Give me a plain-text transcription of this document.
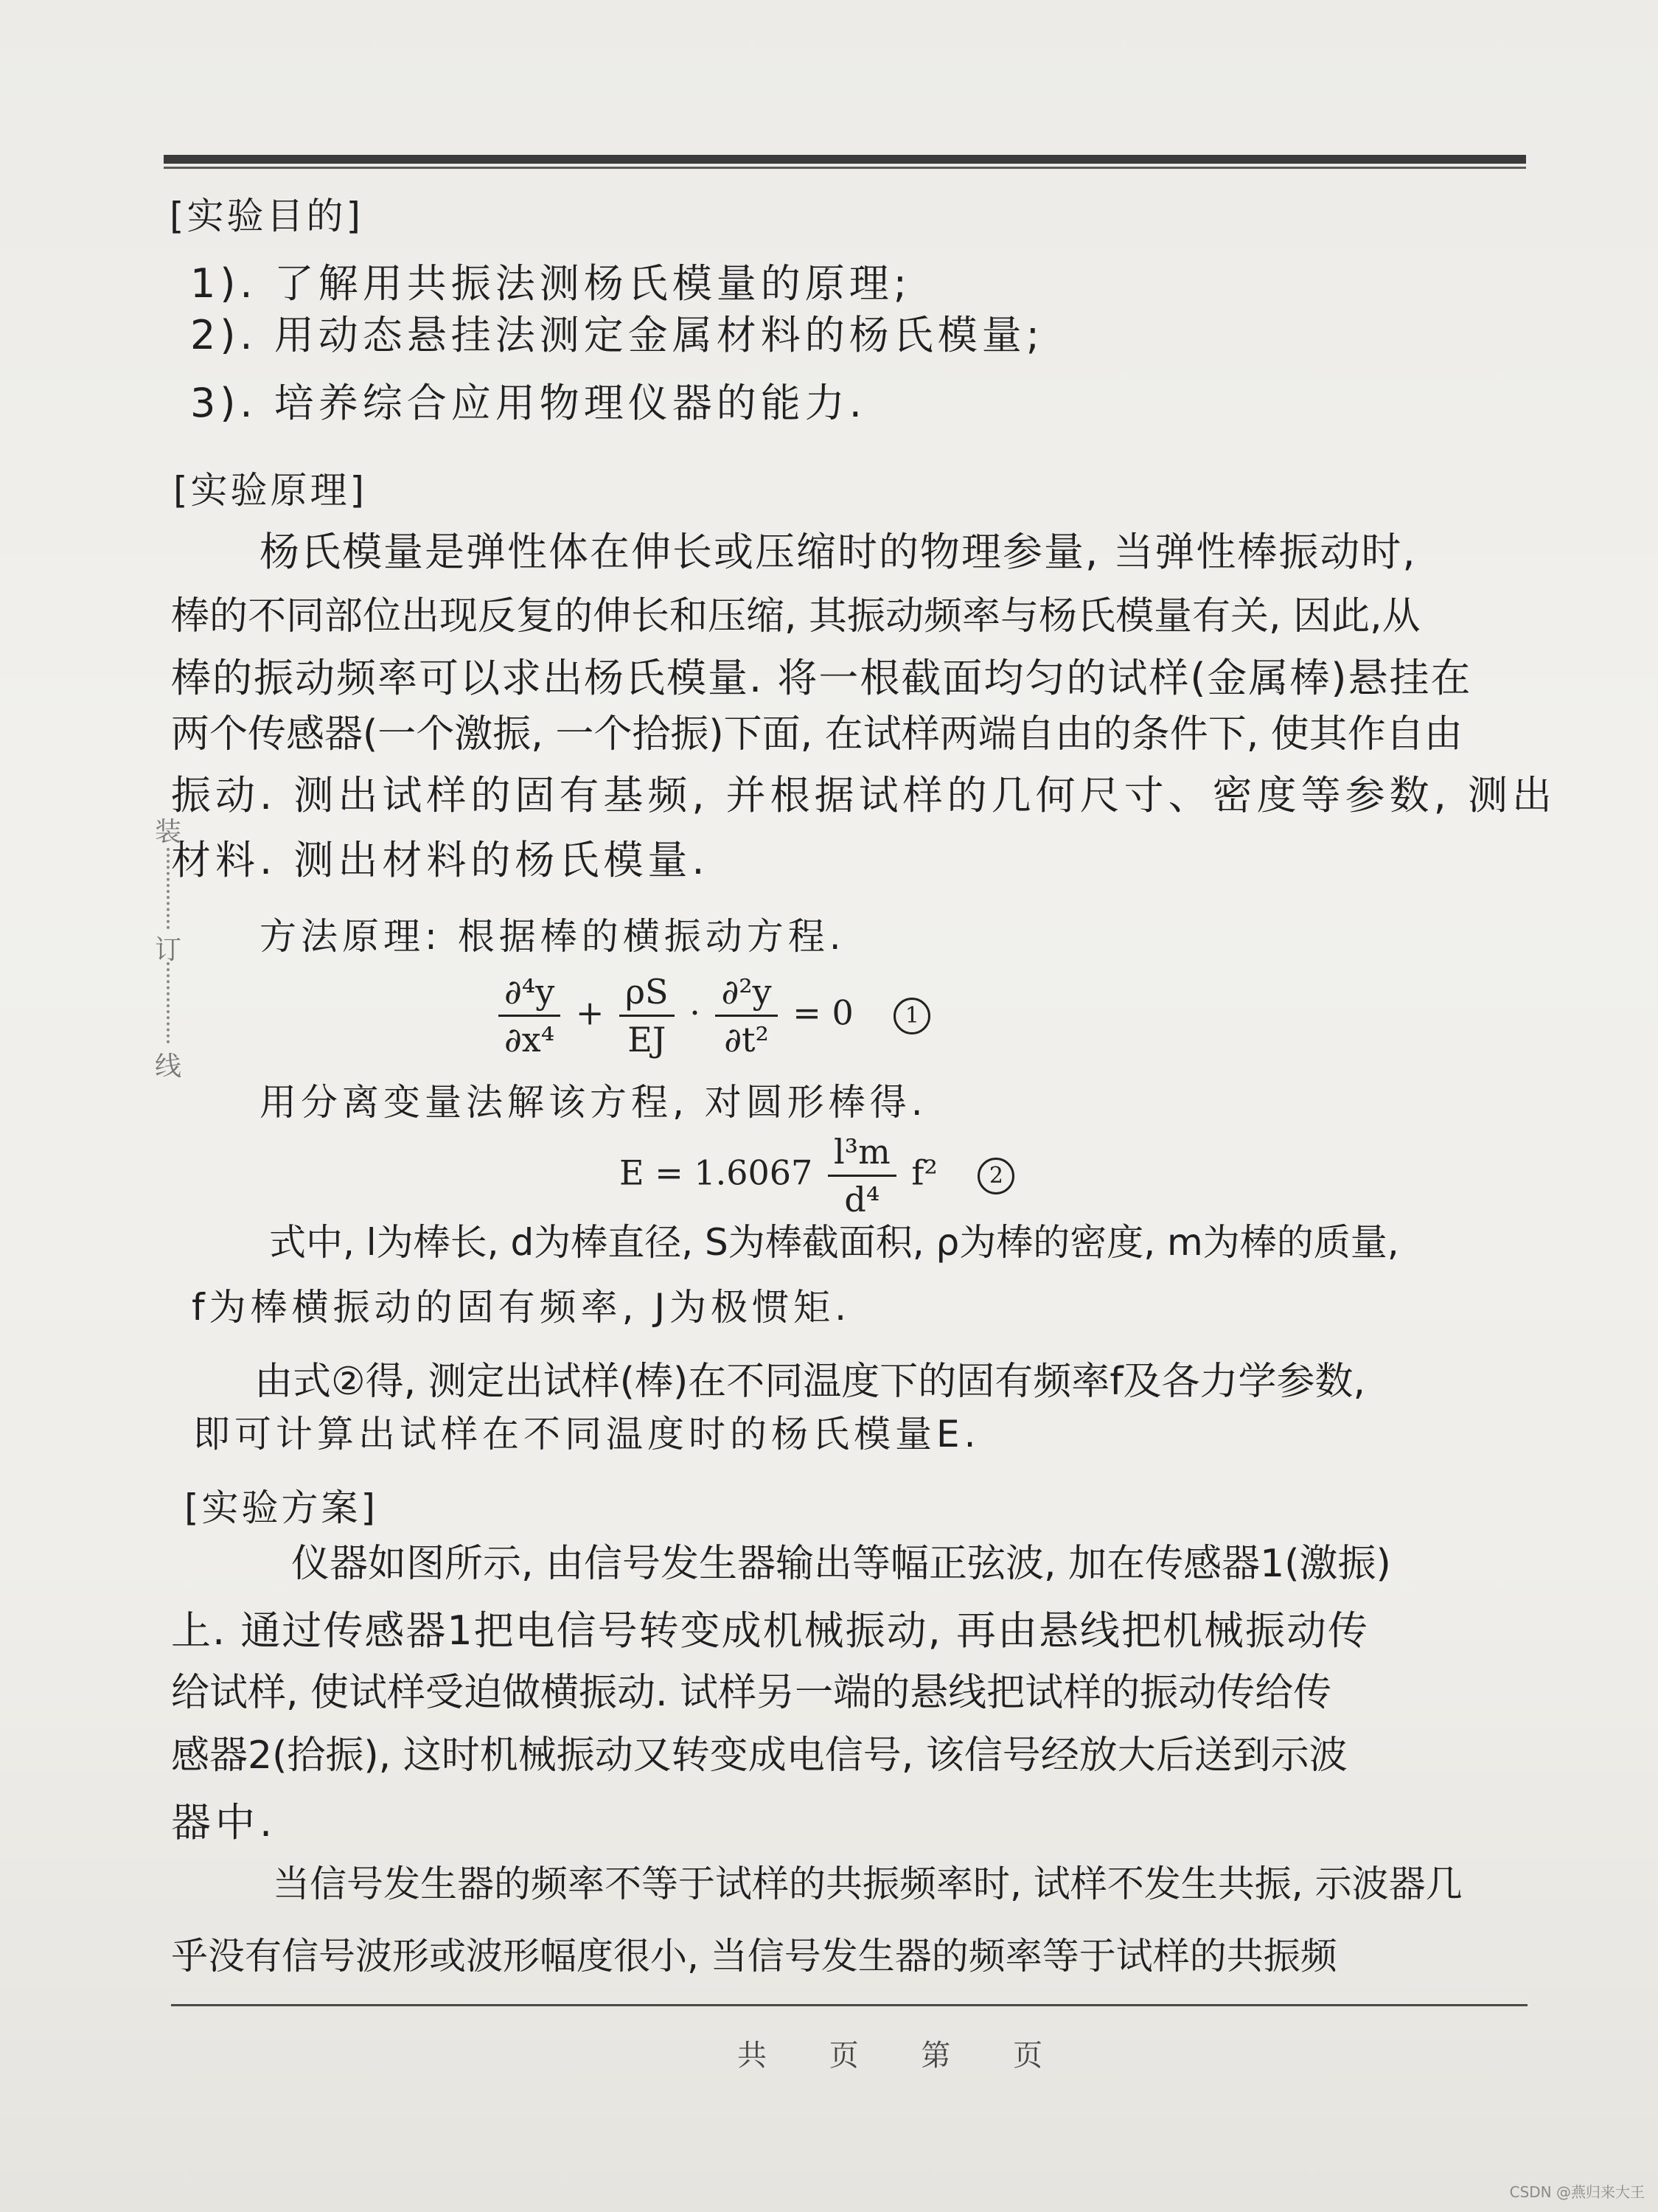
装
订
线
[实验目的]
1). 了解用共振法测杨氏模量的原理;
2). 用动态悬挂法测定金属材料的杨氏模量;
3). 培养综合应用物理仪器的能力.
[实验原理]
杨氏模量是弹性体在伸长或压缩时的物理参量, 当弹性棒振动时,
棒的不同部位出现反复的伸长和压缩, 其振动频率与杨氏模量有关, 因此,从
棒的振动频率可以求出杨氏模量. 将一根截面均匀的试样(金属棒)悬挂在
两个传感器(一个激振, 一个拾振)下面, 在试样两端自由的条件下, 使其作自由
振动. 测出试样的固有基频, 并根据试样的几何尺寸、密度等参数, 测出
材料. 测出材料的杨氏模量.
方法原理: 根据棒的横振动方程.
$\frac{\text{∂⁴y}}{\text{∂x⁴}} + \frac{\rho S}{EJ} \cdot \frac{\text{∂²y}}{\text{∂t²}} = 0$ 1
用分离变量法解该方程, 对圆形棒得.
$E = 1.6067 \frac{\text{l³m}}{\text{d⁴}} f^2$ 2
式中, l为棒长, d为棒直径, S为棒截面积, ρ为棒的密度, m为棒的质量,
f为棒横振动的固有频率, J为极惯矩.
由式②得, 测定出试样(棒)在不同温度下的固有频率f及各力学参数,
即可计算出试样在不同温度时的杨氏模量E.
[实验方案]
仪器如图所示, 由信号发生器输出等幅正弦波, 加在传感器1(激振)
上. 通过传感器1把电信号转变成机械振动, 再由悬线把机械振动传
给试样, 使试样受迫做横振动. 试样另一端的悬线把试样的振动传给传
感器2(拾振), 这时机械振动又转变成电信号, 该信号经放大后送到示波
器中.
当信号发生器的频率不等于试样的共振频率时, 试样不发生共振, 示波器几
乎没有信号波形或波形幅度很小, 当信号发生器的频率等于试样的共振频
共 页 第 页
CSDN @燕归来大王
